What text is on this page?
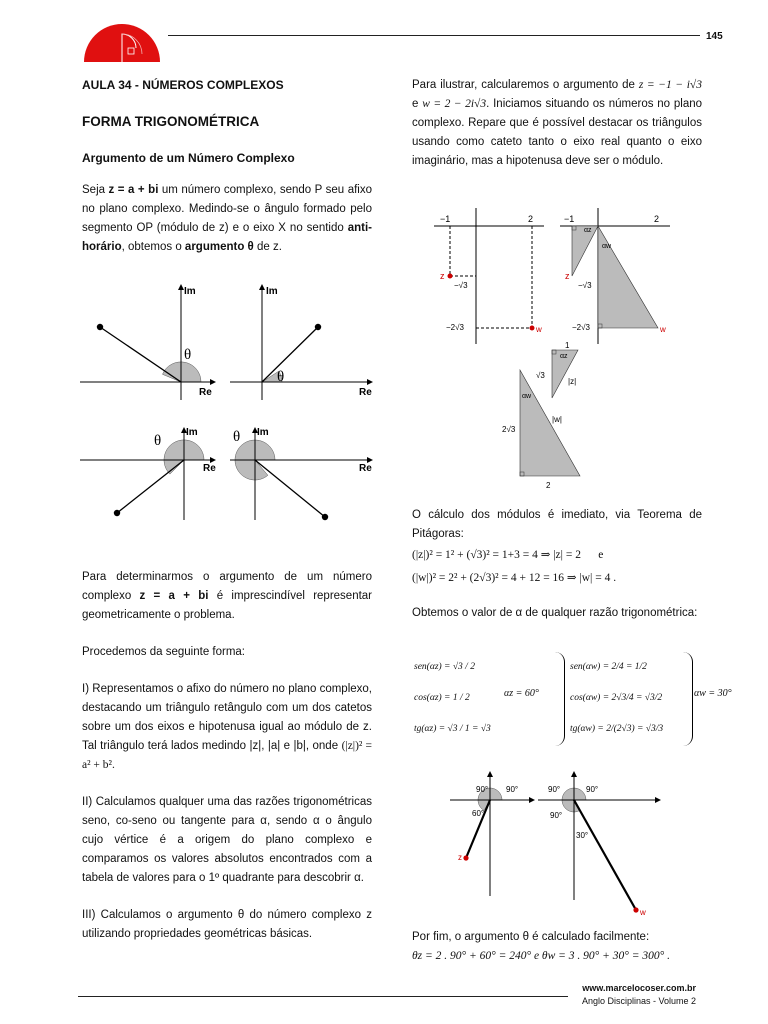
145

AULA 34 - NÚMEROS COMPLEXOS

FORMA TRIGONOMÉTRICA

Argumento de um Número Complexo

Seja z = a + bi um número complexo, sendo P seu afixo no plano complexo. Medindo-se o ângulo formado pelo segmento OP (módulo de z) e o eixo X no sentido anti-horário, obtemos o argumento θ de z.

Im
Re
θ
Im
Re
θ
Im
Re
θ
Im
Re
θ

Para determinarmos o argumento de um número complexo z = a + bi é imprescindível representar geometricamente o problema.

Procedemos da seguinte forma:

I) Representamos o afixo do número no plano complexo, destacando um triângulo retângulo com um dos catetos sobre um dos eixos e hipotenusa igual ao módulo de z. Tal triângulo terá lados medindo |z|, |a| e |b|, onde (|z|)² = a² + b².

II) Calculamos qualquer uma das razões trigonométricas seno, co-seno ou tangente para α, sendo α o ângulo cujo vértice é a origem do plano complexo e comparamos os valores absolutos encontrados com a tabela de valores para o 1º quadrante para descobrir α.

III) Calculamos o argumento θ do número complexo z utilizando propriedades geométricas básicas.

Para ilustrar, calcularemos o argumento de z = −1 − i√3 e w = 2 − 2i√3. Iniciamos situando os números no plano complexo. Repare que é possível destacar os triângulos usando como cateto tanto o eixo real quanto o eixo imaginário, mas a hipotenusa deve ser o módulo.

−1	2
z
w
−√3
−2√3
−1	2
αz
αw
z
w
−√3
−2√3
αz
√3
1
|z|
αw
2√3
2
|w|

O cálculo dos módulos é imediato, via Teorema de Pitágoras:

(|z|)² = 1² + (√3)² = 1+3 = 4 ⇒ |z| = 2 e

(|w|)² = 2² + (2√3)² = 4 + 12 = 16 ⇒ |w| = 4 .

Obtemos o valor de α de qualquer razão trigonométrica:

sen(αz) = √3 / 2
cos(αz) = 1 / 2
tg(αz) = √3 / 1 = √3
αz = 60°
sen(αw) = 2/4 = 1/2
cos(αw) = 2√3/4 = √3/2
tg(αw) = 2/(2√3) = √3/3
αw = 30°
90° 90°
60°
z
90°	90°
90°
30°
w

Por fim, o argumento θ é calculado facilmente:

θz = 2 . 90° + 60° = 240° e θw = 3 . 90° + 30° = 300° .

www.marcelocoser.com.br
Anglo Disciplinas - Volume 2
